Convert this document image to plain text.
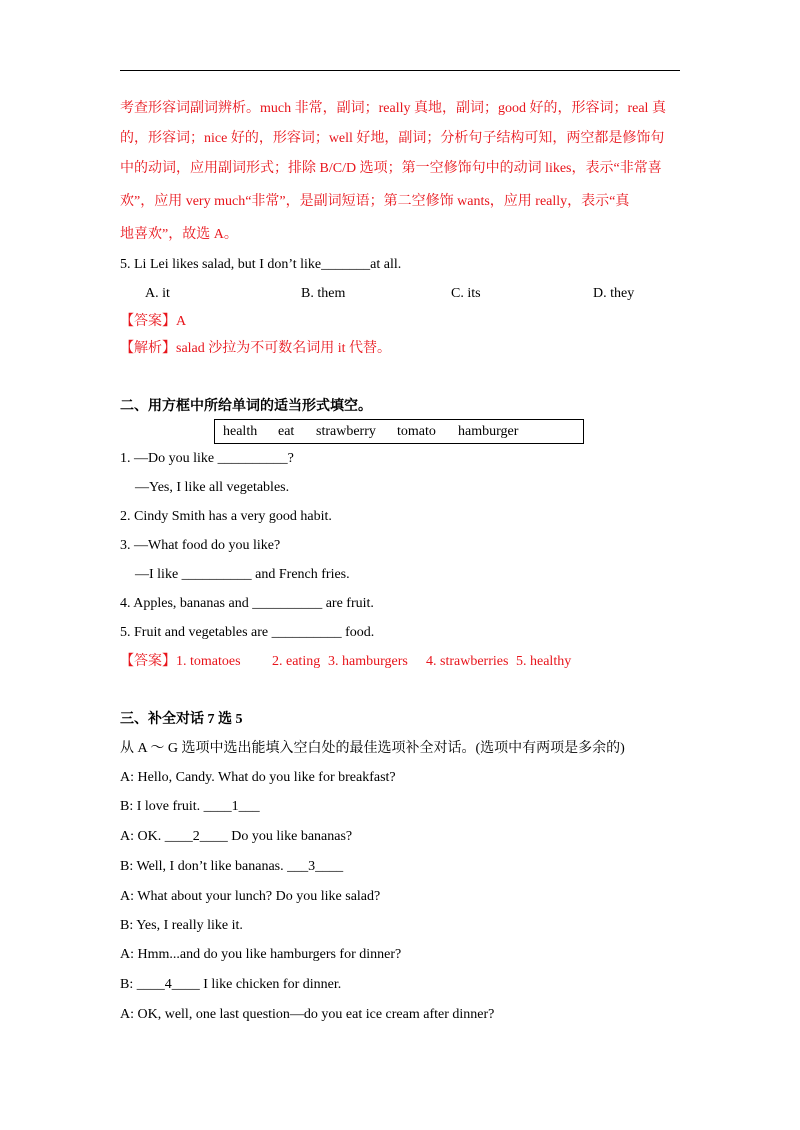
考查形容词副词辨析。much 非常，副词；really 真地，副词；good 好的，形容词；real 真
的，形容词；nice 好的，形容词；well 好地，副词；分析句子结构可知，两空都是修饰句
中的动词，应用副词形式；排除 B/C/D 选项；第一空修饰句中的动词 likes，表示“非常喜
欢”，应用 very much“非常”，是副词短语；第二空修饰 wants，应用 really，表示“真
地喜欢”，故选 A。
5. Li Lei likes salad, but I don’t like_______at all.
A. it	B. them	C. its	D. they
【答案】A
【解析】salad 沙拉为不可数名词用 it 代替。
二、用方框中所给单词的适当形式填空。
health eat strawberry tomato hamburger
1. —Do you like __________?
—Yes, I like all vegetables.
2. Cindy Smith has a very good habit.
3. —What food do you like?
—I like __________ and French fries.
4. Apples, bananas and __________ are fruit.
5. Fruit and vegetables are __________ food.
【答案】1. tomatoes 2. eating 3. hamburgers 4. strawberries 5. healthy
三、补全对话 7 选 5
从 A ～ G 选项中选出能填入空白处的最佳选项补全对话。(选项中有两项是多余的)
A: Hello, Candy. What do you like for breakfast?
B: I love fruit. ____1___
A: OK. ____2____ Do you like bananas?
B: Well, I don’t like bananas. ___3____
A: What about your lunch? Do you like salad?
B: Yes, I really like it.
A: Hmm...and do you like hamburgers for dinner?
B: ____4____ I like chicken for dinner.
A: OK, well, one last question—do you eat ice cream after dinner?
